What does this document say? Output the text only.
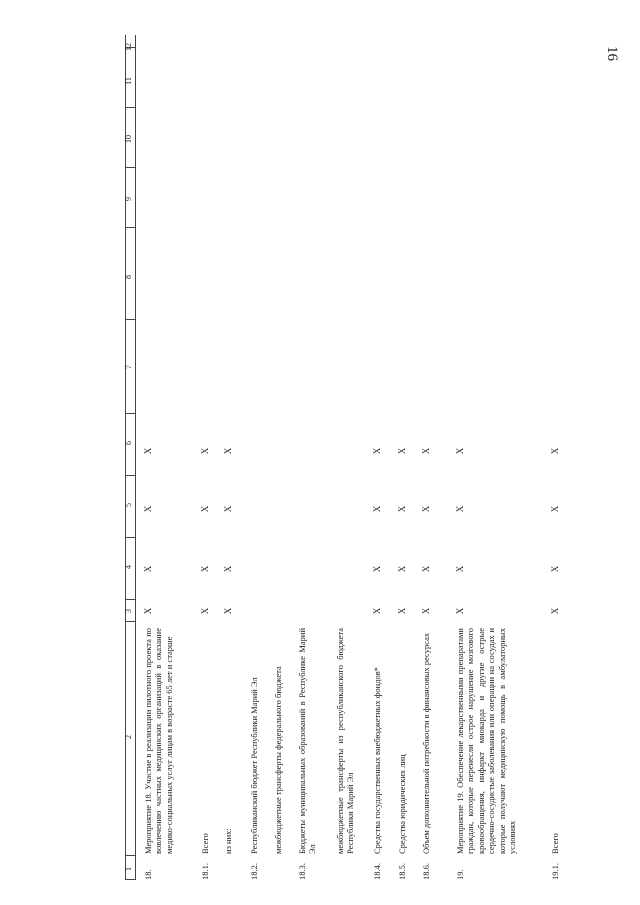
16
1
2
3
4
5
6
7
8
9
10
11
12
18.
Мероприятие 18. Участие в реализации пилотного проекта по вовлечению частных медицинских организаций в оказание медико-социальных услуг лицам в возрасте 65 лет и старше
X
X
X
X
18.1.
Всего
X
X
X
X
из них:
X
X
X
X
18.2.
Республиканский бюджет Республики Марий Эл межбюджетные трансферты федерального бюджета
18.3.
Бюджеты муниципальных образований в Республике Марий Эл межбюджетные трансферты из республиканского бюджета Республики Марий Эл
18.4.
Средства государственных внебюджетных фондов*
X
X
X
X
18.5.
Средства юридических лиц
X
X
X
X
18.6.
Объем дополнительной потребности в финансовых ресурсах
X
X
X
X
19.
Мероприятие 19. Обеспечение лекарственными препаратами граждан, которые перенесли острое нарушение мозгового кровообращения, инфаркт миокарда и другие острые сердечно-сосудистые заболевания или операции на сосудах и которые получают медицинскую помощь в амбулаторных условиях
X
X
X
X
19.1.
Всего
X
X
X
X
